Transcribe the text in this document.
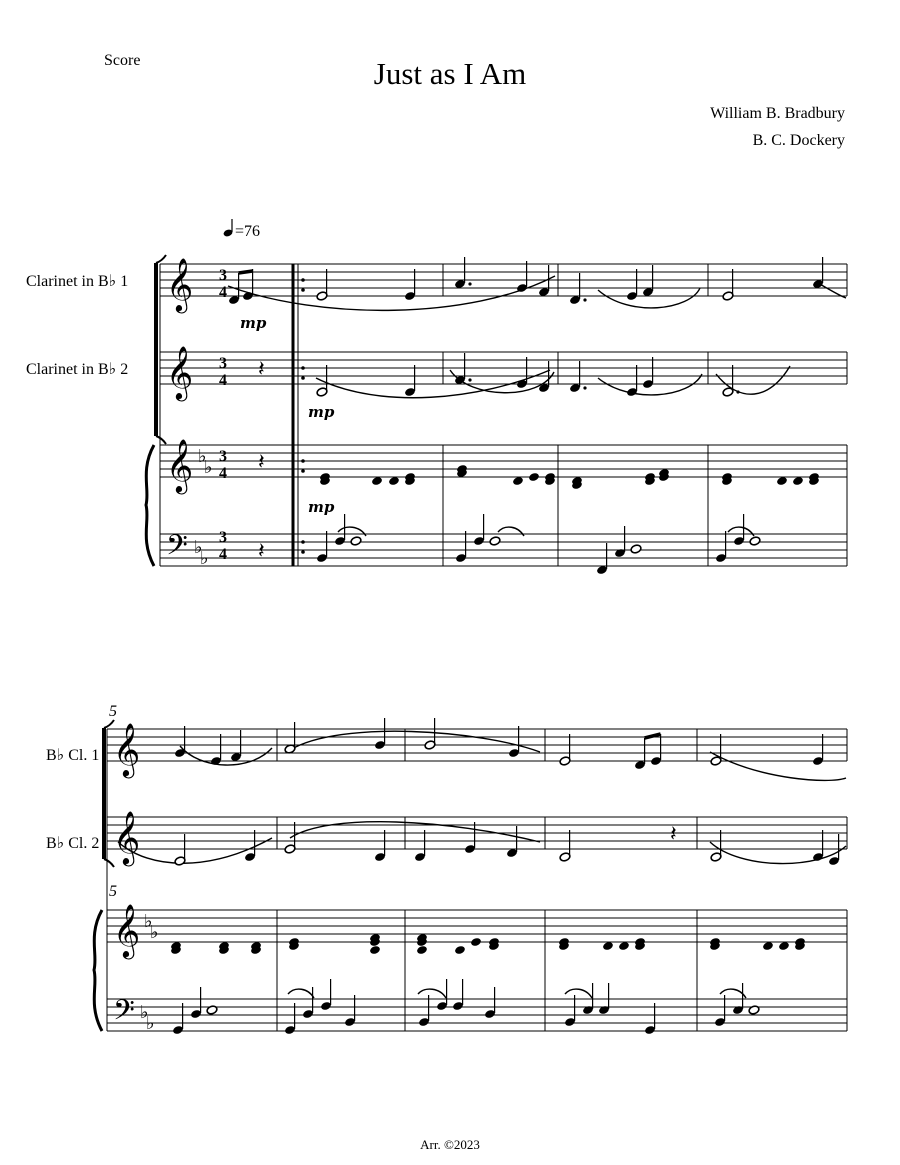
Score	Just as I Am
William B. Bradbury
B. C. Dockery
Arr. ©2023
=76
Clarinet in B♭ 1
Clarinet in B♭ 2
𝄞
𝄞
𝄞
𝄢
♭
♭
♭
♭
3
4
3
4
3
4
3
4
𝄽
𝄽
𝄽
mp
mp
mp
5
5
B♭ Cl. 1
B♭ Cl. 2
𝄞
𝄞
𝄞
𝄢
♭
♭
♭
♭
𝄽
